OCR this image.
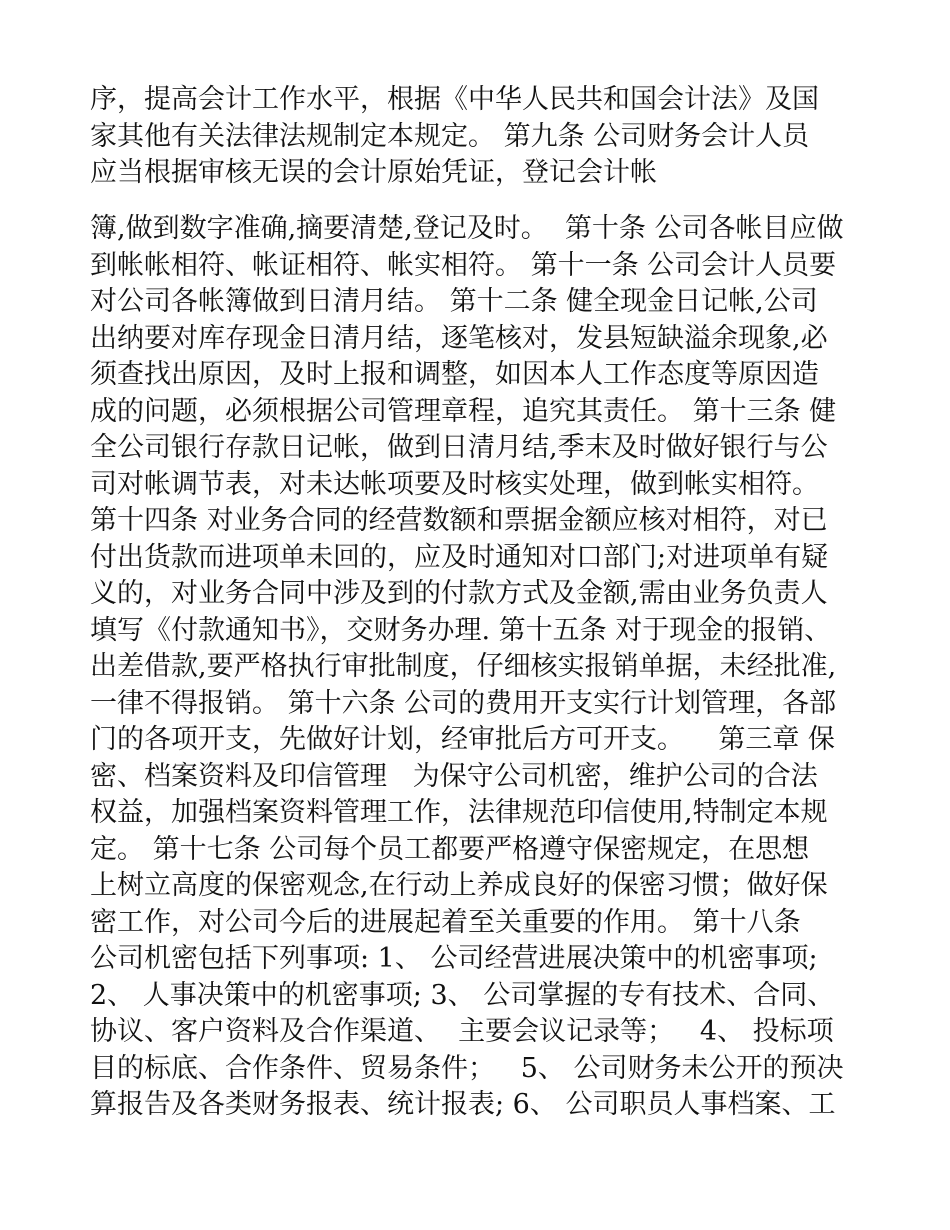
序，提高会计工作水平，根据《中华人民共和国会计法》及国
家其他有关法律法规制定本规定。 第九条 公司财务会计人员
应当根据审核无误的会计原始凭证，登记会计帐
簿,做到数字准确,摘要清楚,登记及时。  第十条 公司各帐目应做
到帐帐相符、帐证相符、帐实相符。 第十一条 公司会计人员要
对公司各帐簿做到日清月结。 第十二条 健全现金日记帐,公司
出纳要对库存现金日清月结，逐笔核对，发县短缺溢余现象,必
须查找出原因，及时上报和调整，如因本人工作态度等原因造
成的问题，必须根据公司管理章程，追究其责任。 第十三条 健
全公司银行存款日记帐，做到日清月结,季末及时做好银行与公
司对帐调节表，对未达帐项要及时核实处理，做到帐实相符。
第十四条 对业务合同的经营数额和票据金额应核对相符，对已
付出货款而进项单未回的，应及时通知对口部门;对进项单有疑
义的，对业务合同中涉及到的付款方式及金额,需由业务负责人
填写《付款通知书》，交财务办理. 第十五条 对于现金的报销、
出差借款,要严格执行审批制度，仔细核实报销单据，未经批准,
一律不得报销。 第十六条 公司的费用开支实行计划管理，各部
门的各项开支，先做好计划，经审批后方可开支。    第三章 保
密、档案资料及印信管理   为保守公司机密，维护公司的合法
权益，加强档案资料管理工作，法律规范印信使用,特制定本规
定。 第十七条 公司每个员工都要严格遵守保密规定，在思想
上树立高度的保密观念,在行动上养成良好的保密习惯；做好保
密工作，对公司今后的进展起着至关重要的作用。 第十八条
公司机密包括下列事项: 1、 公司经营进展决策中的机密事项;
2、 人事决策中的机密事项; 3、 公司掌握的专有技术、合同、
协议、客户资料及合作渠道、  主要会议记录等；   4、 投标项
目的标底、合作条件、贸易条件；   5、 公司财务未公开的预决
算报告及各类财务报表、统计报表; 6、 公司职员人事档案、工
